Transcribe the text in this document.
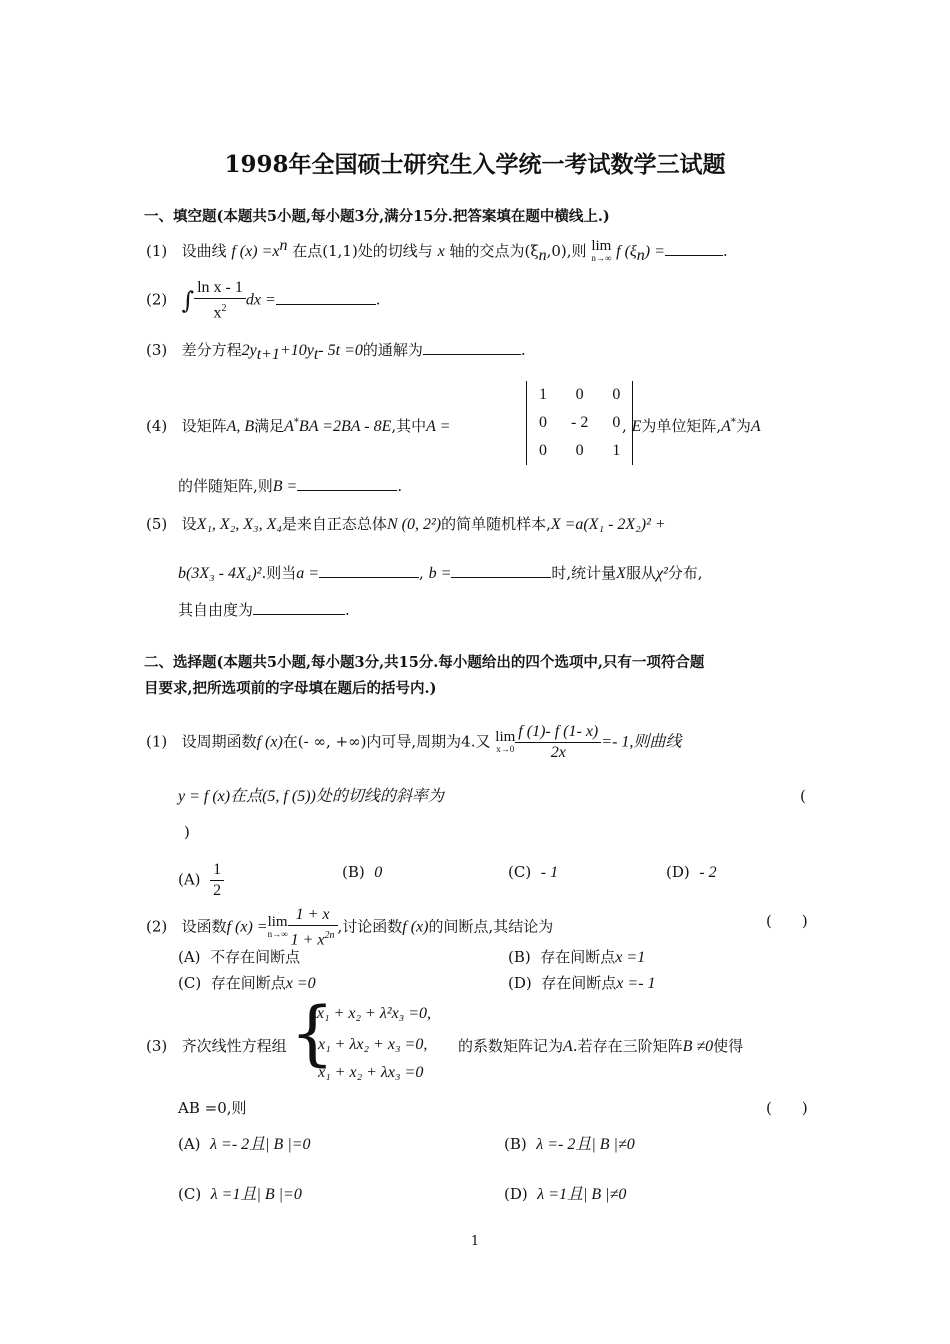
1998年全国硕士研究生入学统一考试数学三试题
一、填空题(本题共5小题,每小题3分,满分15分.把答案填在题中横线上.)
(1) 设曲线 f $(x) =x^n$ 在点(1,1)处的切线与 x 轴的交点为$(\xi_n,0)$,则 lim
n→∞ f $(\xi_n)$ =	.
(2) ∫ $\frac{\text{ln x - 1}}{x^2}$ dx =	.
(3) 差分方程$2y_{t+1}+10y_t-$ 5t =0的通解为	.
(4) 设矩阵A, B满足A*BA =2BA - 8E,其中A =
1	0	0
0	- 2	0
0	0	1
, E为单位矩阵,A*为A
的伴随矩阵,则B =	.
(5) 设X₁, X₂, X₃, X₄是来自正态总体N (0, 2²)的简单随机样本,X =a(X₁ - 2X₂)² +
b(3X₃ - 4X₄)².则当a =	, b =	时,统计量X服从χ²分布,
其自由度为	.
二、选择题(本题共5小题,每小题3分,共15分.每小题给出的四个选项中,只有一项符合题
目要求,把所选项前的字母填在题后的括号内.)
(1) 设周期函数f (x)在(- ∞, +∞)内可导,周期为4.又 lim
$x\to 0 \frac{f (1)- f (1- x)}{2x} =- 1$,则曲线
y = f (x)在点(5, f (5))处的切线的斜率为	(
)
$(A) \frac{1}{2}$	(B) 0	(C) - 1	(D) - 2
(2) 设函数f (x) = lim
$n\to\infty \frac{1 + x}{1 + x^{2n}}$ ,讨论函数f (x)的间断点,其结论为	(　　)
(A) 不存在间断点	(B) 存在间断点x =1
(C) 存在间断点x =0	(D) 存在间断点x =- 1
(3) 齐次线性方程组 {
λx₁ + x₂ + λ²x₃ =0,
x₁ + λx₂ + x₃ =0,
x₁ + x₂ + λx₃ =0
的系数矩阵记为A.若存在三阶矩阵B ≠0使得
AB =0,则	(　　)
(A) λ =- 2且| B |=0	(B) λ =- 2且| B |≠0
(C) λ =1且| B |=0	(D) λ =1且| B |≠0
1
